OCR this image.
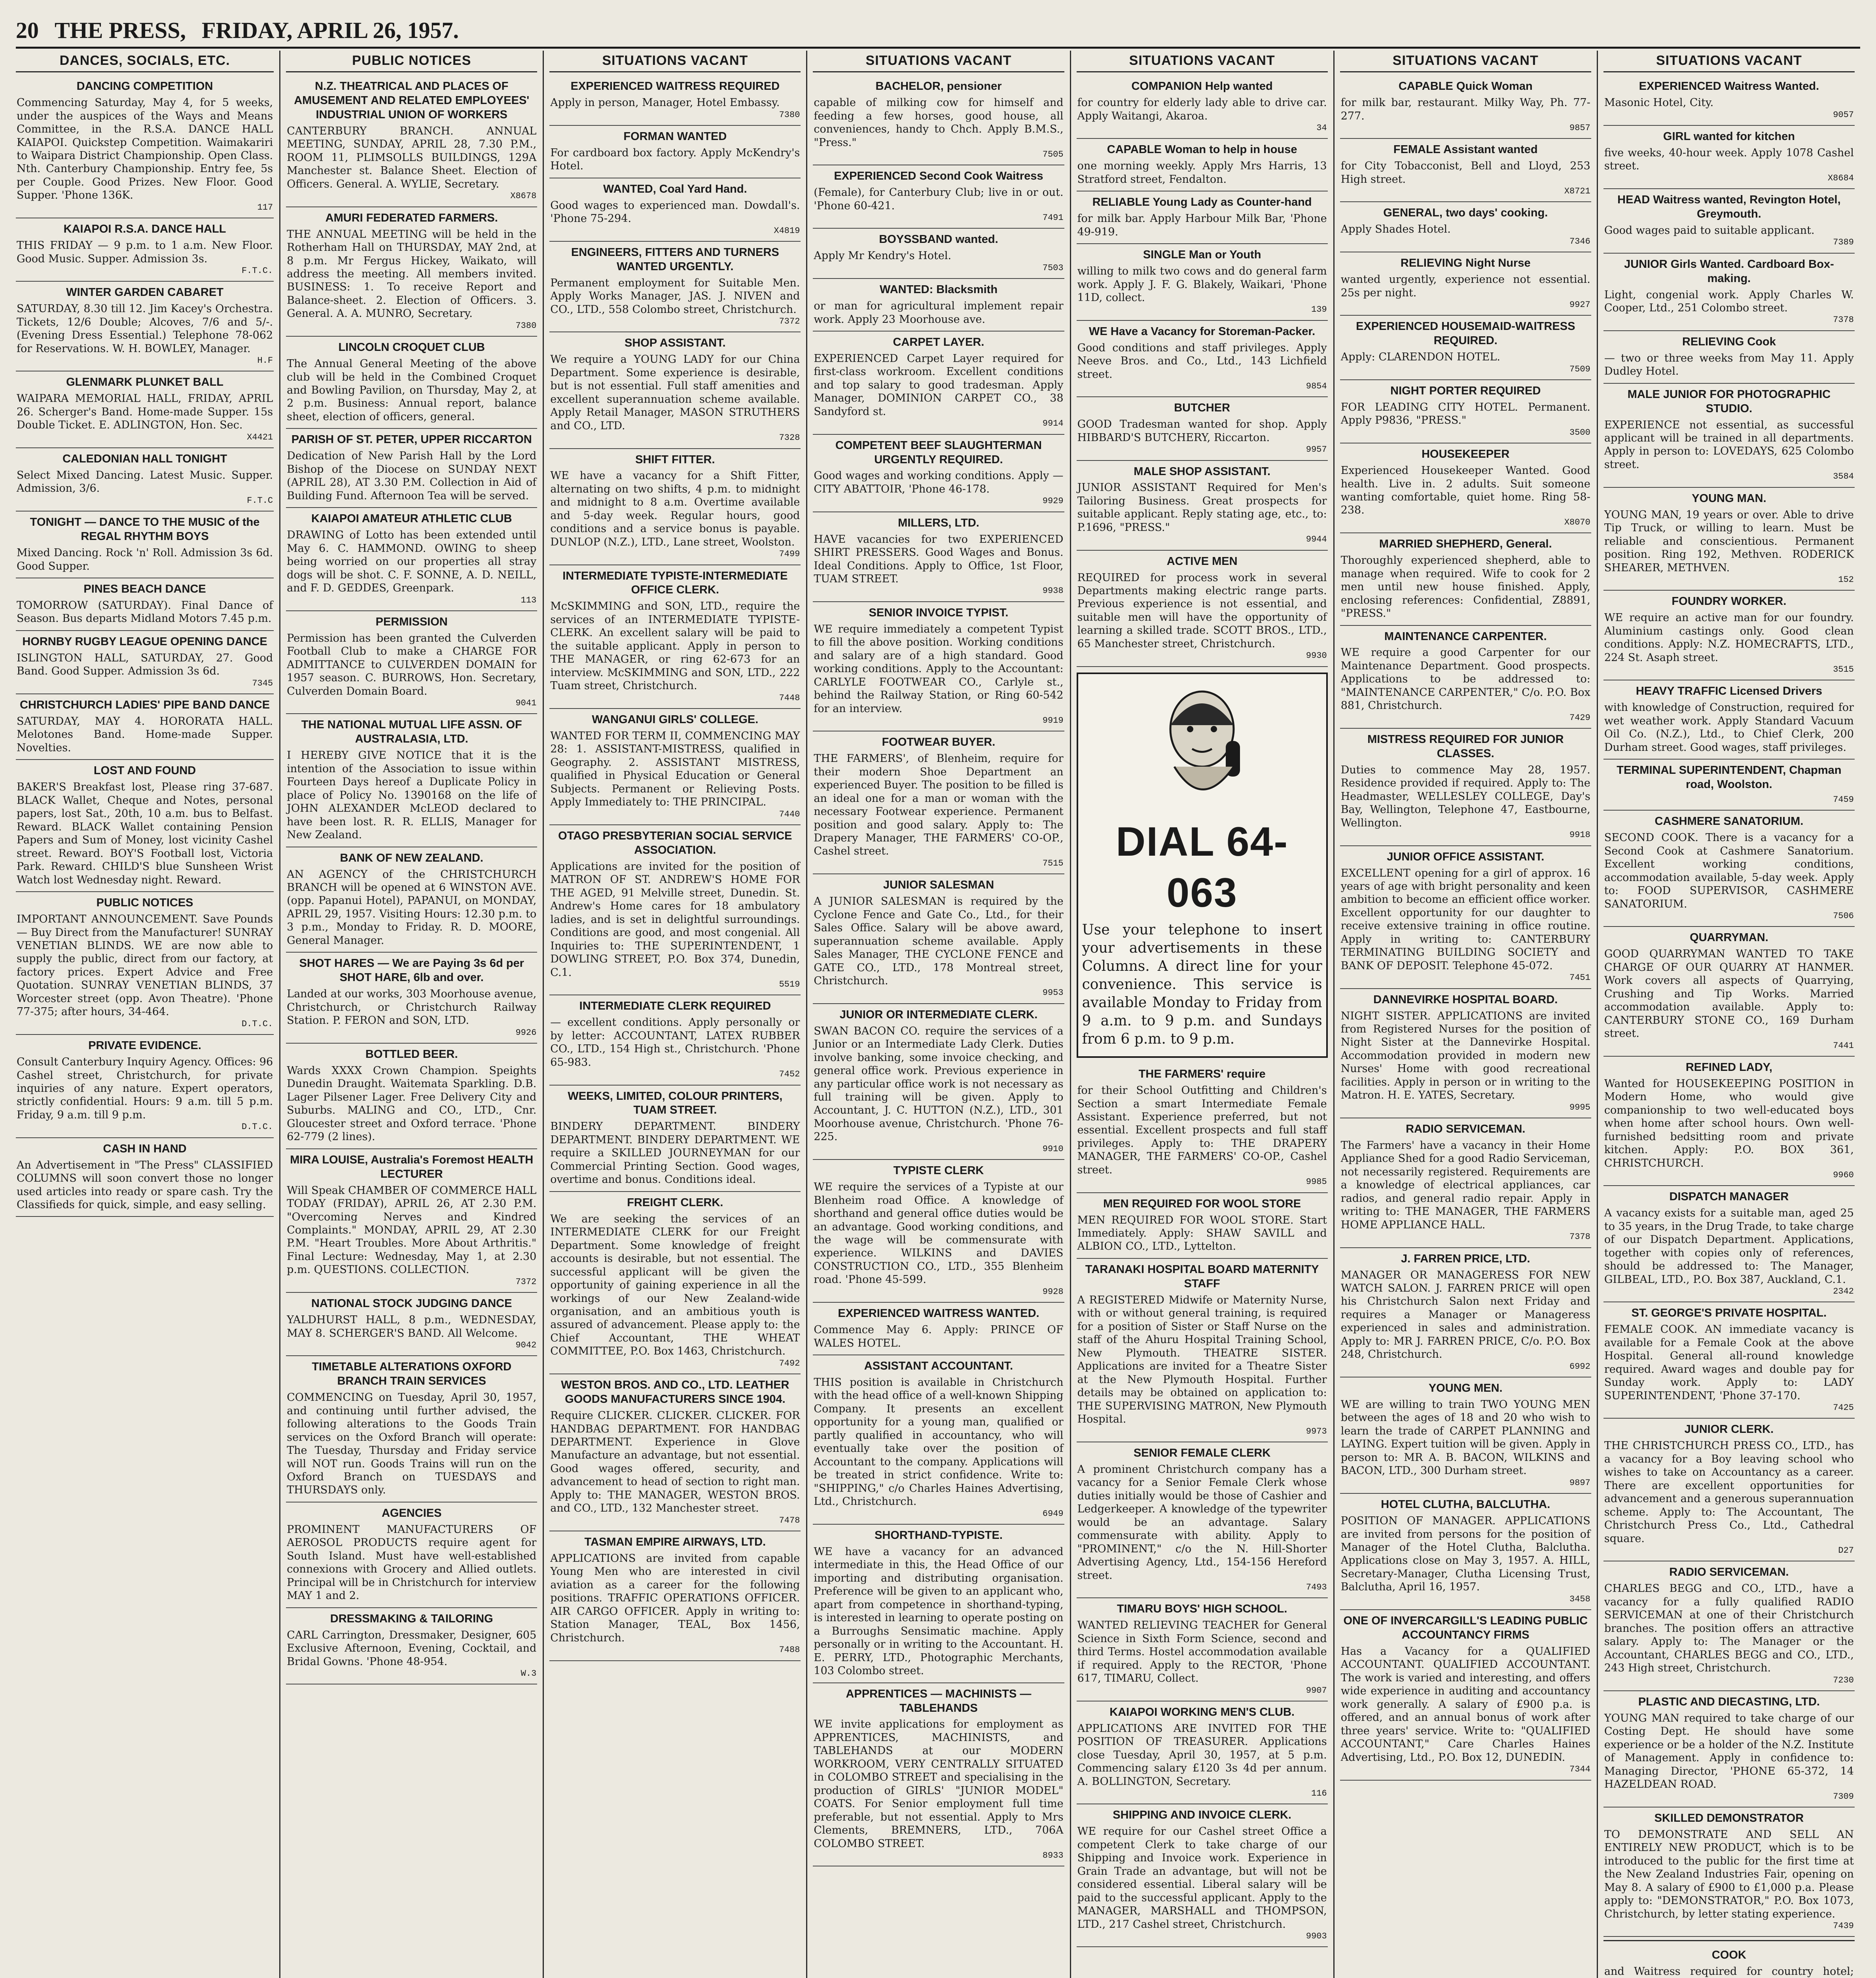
20 THE PRESS, FRIDAY, APRIL 26, 1957.
DANCES, SOCIALS, ETC.
DANCING COMPETITION

Commencing Saturday, May 4, for 5 weeks, under the auspices of the Ways and Means Committee, in the R.S.A. DANCE HALL KAIAPOI. Quickstep Competition. Waimakariri to Waipara District Championship. Open Class. Nth. Canterbury Championship. Entry fee, 5s per Couple. Good Prizes. New Floor. Good Supper. 'Phone 136K.

117
KAIAPOI R.S.A. DANCE HALL

THIS FRIDAY — 9 p.m. to 1 a.m. New Floor. Good Music. Supper. Admission 3s.

F.T.C.
WINTER GARDEN CABARET

SATURDAY, 8.30 till 12. Jim Kacey's Orchestra. Tickets, 12/6 Double; Alcoves, 7/6 and 5/-. (Evening Dress Essential.) Telephone 78-062 for Reservations. W. H. BOWLEY, Manager.

H.F
GLENMARK PLUNKET BALL

WAIPARA MEMORIAL HALL, FRIDAY, APRIL 26. Scherger's Band. Home-made Supper. 15s Double Ticket. E. ADLINGTON, Hon. Sec.

X4421
CALEDONIAN HALL TONIGHT

Select Mixed Dancing. Latest Music. Supper. Admission, 3/6.

F.T.C
TONIGHT — DANCE TO THE MUSIC of the REGAL RHYTHM BOYS

Mixed Dancing. Rock 'n' Roll. Admission 3s 6d. Good Supper.

PINES BEACH DANCE

TOMORROW (SATURDAY). Final Dance of Season. Bus departs Midland Motors 7.45 p.m.

HORNBY RUGBY LEAGUE OPENING DANCE

ISLINGTON HALL, SATURDAY, 27. Good Band. Good Supper. Admission 3s 6d.

7345
CHRISTCHURCH LADIES' PIPE BAND DANCE

SATURDAY, MAY 4. HORORATA HALL. Melotones Band. Home-made Supper. Novelties.

LOST AND FOUND

BAKER'S Breakfast lost, Please ring 37-687. BLACK Wallet, Cheque and Notes, personal papers, lost Sat., 20th, 10 a.m. bus to Belfast. Reward. BLACK Wallet containing Pension Papers and Sum of Money, lost vicinity Cashel street. Reward. BOY'S Football lost, Victoria Park. Reward. CHILD'S blue Sunsheen Wrist Watch lost Wednesday night. Reward.

PUBLIC NOTICES

IMPORTANT ANNOUNCEMENT. Save Pounds — Buy Direct from the Manufacturer! SUNRAY VENETIAN BLINDS. WE are now able to supply the public, direct from our factory, at factory prices. Expert Advice and Free Quotation. SUNRAY VENETIAN BLINDS, 37 Worcester street (opp. Avon Theatre). 'Phone 77-375; after hours, 34-464.

D.T.C.
PRIVATE EVIDENCE.

Consult Canterbury Inquiry Agency. Offices: 96 Cashel street, Christchurch, for private inquiries of any nature. Expert operators, strictly confidential. Hours: 9 a.m. till 5 p.m. Friday, 9 a.m. till 9 p.m.

D.T.C.
CASH IN HAND

An Advertisement in "The Press" CLASSIFIED COLUMNS will soon convert those no longer used articles into ready or spare cash. Try the Classifieds for quick, simple, and easy selling.

PUBLIC NOTICES
N.Z. THEATRICAL AND PLACES OF AMUSEMENT AND RELATED EMPLOYEES' INDUSTRIAL UNION OF WORKERS

CANTERBURY BRANCH. ANNUAL MEETING, SUNDAY, APRIL 28, 7.30 P.M., ROOM 11, PLIMSOLLS BUILDINGS, 129A Manchester st. Balance Sheet. Election of Officers. General. A. WYLIE, Secretary.

X8678
AMURI FEDERATED FARMERS.

THE ANNUAL MEETING will be held in the Rotherham Hall on THURSDAY, MAY 2nd, at 8 p.m. Mr Fergus Hickey, Waikato, will address the meeting. All members invited. BUSINESS: 1. To receive Report and Balance-sheet. 2. Election of Officers. 3. General. A. A. MUNRO, Secretary.

7380
LINCOLN CROQUET CLUB

The Annual General Meeting of the above club will be held in the Combined Croquet and Bowling Pavilion, on Thursday, May 2, at 2 p.m. Business: Annual report, balance sheet, election of officers, general.

PARISH OF ST. PETER, UPPER RICCARTON

Dedication of New Parish Hall by the Lord Bishop of the Diocese on SUNDAY NEXT (APRIL 28), AT 3.30 P.M. Collection in Aid of Building Fund. Afternoon Tea will be served.

KAIAPOI AMATEUR ATHLETIC CLUB

DRAWING of Lotto has been extended until May 6. C. HAMMOND. OWING to sheep being worried on our properties all stray dogs will be shot. C. F. SONNE, A. D. NEILL, and F. D. GEDDES, Greenpark.

113
PERMISSION

Permission has been granted the Culverden Football Club to make a CHARGE FOR ADMITTANCE to CULVERDEN DOMAIN for 1957 season. C. BURROWS, Hon. Secretary, Culverden Domain Board.

9041
THE NATIONAL MUTUAL LIFE ASSN. OF AUSTRALASIA, LTD.

I HEREBY GIVE NOTICE that it is the intention of the Association to issue within Fourteen Days hereof a Duplicate Policy in place of Policy No. 1390168 on the life of JOHN ALEXANDER McLEOD declared to have been lost. R. R. ELLIS, Manager for New Zealand.

BANK OF NEW ZEALAND.

AN AGENCY of the CHRISTCHURCH BRANCH will be opened at 6 WINSTON AVE. (opp. Papanui Hotel), PAPANUI, on MONDAY, APRIL 29, 1957. Visiting Hours: 12.30 p.m. to 3 p.m., Monday to Friday. R. D. MOORE, General Manager.

SHOT HARES — We are Paying 3s 6d per SHOT HARE, 6lb and over.

Landed at our works, 303 Moorhouse avenue, Christchurch, or Christchurch Railway Station. P. FERON and SON, LTD.

9926
BOTTLED BEER.

Wards XXXX Crown Champion. Speights Dunedin Draught. Waitemata Sparkling. D.B. Lager Pilsener Lager. Free Delivery City and Suburbs. MALING and CO., LTD., Cnr. Gloucester street and Oxford terrace. 'Phone 62-779 (2 lines).

MIRA LOUISE, Australia's Foremost HEALTH LECTURER

Will Speak CHAMBER OF COMMERCE HALL TODAY (FRIDAY), APRIL 26, AT 2.30 P.M. "Overcoming Nerves and Kindred Complaints." MONDAY, APRIL 29, AT 2.30 P.M. "Heart Troubles. More About Arthritis." Final Lecture: Wednesday, May 1, at 2.30 p.m. QUESTIONS. COLLECTION.

7372
NATIONAL STOCK JUDGING DANCE

YALDHURST HALL, 8 p.m., WEDNESDAY, MAY 8. SCHERGER'S BAND. All Welcome.

9042
TIMETABLE ALTERATIONS OXFORD BRANCH TRAIN SERVICES

COMMENCING on Tuesday, April 30, 1957, and continuing until further advised, the following alterations to the Goods Train services on the Oxford Branch will operate: The Tuesday, Thursday and Friday service will NOT run. Goods Trains will run on the Oxford Branch on TUESDAYS and THURSDAYS only.

AGENCIES

PROMINENT MANUFACTURERS OF AEROSOL PRODUCTS require agent for South Island. Must have well-established connexions with Grocery and Allied outlets. Principal will be in Christchurch for interview MAY 1 and 2.

DRESSMAKING & TAILORING

CARL Carrington, Dressmaker, Designer, 605 Exclusive Afternoon, Evening, Cocktail, and Bridal Gowns. 'Phone 48-954.

W.3
SITUATIONS VACANT
EXPERIENCED WAITRESS REQUIRED

Apply in person, Manager, Hotel Embassy.

7380
FORMAN WANTED

For cardboard box factory. Apply McKendry's Hotel.

WANTED, Coal Yard Hand.

Good wages to experienced man. Dowdall's. 'Phone 75-294.

X4819
ENGINEERS, FITTERS AND TURNERS WANTED URGENTLY.

Permanent employment for Suitable Men. Apply Works Manager, JAS. J. NIVEN and CO., LTD., 558 Colombo street, Christchurch.

7372
SHOP ASSISTANT.

We require a YOUNG LADY for our China Department. Some experience is desirable, but is not essential. Full staff amenities and excellent superannuation scheme available. Apply Retail Manager, MASON STRUTHERS and CO., LTD.

7328
SHIFT FITTER.

WE have a vacancy for a Shift Fitter, alternating on two shifts, 4 p.m. to midnight and midnight to 8 a.m. Overtime available and 5-day week. Regular hours, good conditions and a service bonus is payable. DUNLOP (N.Z.), LTD., Lane street, Woolston.

7499
INTERMEDIATE TYPISTE-INTERMEDIATE OFFICE CLERK.

McSKIMMING and SON, LTD., require the services of an INTERMEDIATE TYPISTE-CLERK. An excellent salary will be paid to the suitable applicant. Apply in person to THE MANAGER, or ring 62-673 for an interview. McSKIMMING and SON, LTD., 222 Tuam street, Christchurch.

7448
WANGANUI GIRLS' COLLEGE.

WANTED FOR TERM II, COMMENCING MAY 28: 1. ASSISTANT-MISTRESS, qualified in Geography. 2. ASSISTANT MISTRESS, qualified in Physical Education or General Subjects. Permanent or Relieving Posts. Apply Immediately to: THE PRINCIPAL.

7440
OTAGO PRESBYTERIAN SOCIAL SERVICE ASSOCIATION.

Applications are invited for the position of MATRON OF ST. ANDREW'S HOME FOR THE AGED, 91 Melville street, Dunedin. St. Andrew's Home cares for 18 ambulatory ladies, and is set in delightful surroundings. Conditions are good, and most congenial. All Inquiries to: THE SUPERINTENDENT, 1 DOWLING STREET, P.O. Box 374, Dunedin, C.1.

5519
INTERMEDIATE CLERK REQUIRED

— excellent conditions. Apply personally or by letter: ACCOUNTANT, LATEX RUBBER CO., LTD., 154 High st., Christchurch. 'Phone 65-983.

7452
WEEKS, LIMITED, COLOUR PRINTERS, TUAM STREET.

BINDERY DEPARTMENT. BINDERY DEPARTMENT. BINDERY DEPARTMENT. WE require a SKILLED JOURNEYMAN for our Commercial Printing Section. Good wages, overtime and bonus. Conditions ideal.

FREIGHT CLERK.

We are seeking the services of an INTERMEDIATE CLERK for our Freight Department. Some knowledge of freight accounts is desirable, but not essential. The successful applicant will be given the opportunity of gaining experience in all the workings of our New Zealand-wide organisation, and an ambitious youth is assured of advancement. Please apply to: the Chief Accountant, THE WHEAT COMMITTEE, P.O. Box 1463, Christchurch.

7492
WESTON BROS. AND CO., LTD. LEATHER GOODS MANUFACTURERS SINCE 1904.

Require CLICKER. CLICKER. CLICKER. FOR HANDBAG DEPARTMENT. FOR HANDBAG DEPARTMENT. Experience in Glove Manufacture an advantage, but not essential. Good wages offered, security, and advancement to head of section to right man. Apply to: THE MANAGER, WESTON BROS. and CO., LTD., 132 Manchester street.

7478
TASMAN EMPIRE AIRWAYS, LTD.

APPLICATIONS are invited from capable Young Men who are interested in civil aviation as a career for the following positions. TRAFFIC OPERATIONS OFFICER. AIR CARGO OFFICER. Apply in writing to: Station Manager, TEAL, Box 1456, Christchurch.

7488
SITUATIONS VACANT
BACHELOR, pensioner

capable of milking cow for himself and feeding a few horses, good house, all conveniences, handy to Chch. Apply B.M.S., "Press."

7505
EXPERIENCED Second Cook Waitress

(Female), for Canterbury Club; live in or out. 'Phone 60-421.

7491
BOYSSBAND wanted.

Apply Mr Kendry's Hotel.

7503
WANTED: Blacksmith

or man for agricultural implement repair work. Apply 23 Moorhouse ave.

CARPET LAYER.

EXPERIENCED Carpet Layer required for first-class workroom. Excellent conditions and top salary to good tradesman. Apply Manager, DOMINION CARPET CO., 38 Sandyford st.

9914
COMPETENT BEEF SLAUGHTERMAN URGENTLY REQUIRED.

Good wages and working conditions. Apply — CITY ABATTOIR, 'Phone 46-178.

9929
MILLERS, LTD.

HAVE vacancies for two EXPERIENCED SHIRT PRESSERS. Good Wages and Bonus. Ideal Conditions. Apply to Office, 1st Floor, TUAM STREET.

9938
SENIOR INVOICE TYPIST.

WE require immediately a competent Typist to fill the above position. Working conditions and salary are of a high standard. Good working conditions. Apply to the Accountant: CARLYLE FOOTWEAR CO., Carlyle st., behind the Railway Station, or Ring 60-542 for an interview.

9919
FOOTWEAR BUYER.

THE FARMERS', of Blenheim, require for their modern Shoe Department an experienced Buyer. The position to be filled is an ideal one for a man or woman with the necessary Footwear experience. Permanent position and good salary. Apply to: The Drapery Manager, THE FARMERS' CO-OP., Cashel street.

7515
JUNIOR SALESMAN

A JUNIOR SALESMAN is required by the Cyclone Fence and Gate Co., Ltd., for their Sales Office. Salary will be above award, superannuation scheme available. Apply Sales Manager, THE CYCLONE FENCE and GATE CO., LTD., 178 Montreal street, Christchurch.

9953
JUNIOR OR INTERMEDIATE CLERK.

SWAN BACON CO. require the services of a Junior or an Intermediate Lady Clerk. Duties involve banking, some invoice checking, and general office work. Previous experience in any particular office work is not necessary as full training will be given. Apply to Accountant, J. C. HUTTON (N.Z.), LTD., 301 Moorhouse avenue, Christchurch. 'Phone 76-225.

9910
TYPISTE CLERK

WE require the services of a Typiste at our Blenheim road Office. A knowledge of shorthand and general office duties would be an advantage. Good working conditions, and the wage will be commensurate with experience. WILKINS and DAVIES CONSTRUCTION CO., LTD., 355 Blenheim road. 'Phone 45-599.

9928
EXPERIENCED WAITRESS WANTED.

Commence May 6. Apply: PRINCE OF WALES HOTEL.

ASSISTANT ACCOUNTANT.

THIS position is available in Christchurch with the head office of a well-known Shipping Company. It presents an excellent opportunity for a young man, qualified or partly qualified in accountancy, who will eventually take over the position of Accountant to the company. Applications will be treated in strict confidence. Write to: "SHIPPING," c/o Charles Haines Advertising, Ltd., Christchurch.

6949
SHORTHAND-TYPISTE.

WE have a vacancy for an advanced intermediate in this, the Head Office of our importing and distributing organisation. Preference will be given to an applicant who, apart from competence in shorthand-typing, is interested in learning to operate posting on a Burroughs Sensimatic machine. Apply personally or in writing to the Accountant. H. E. PERRY, LTD., Photographic Merchants, 103 Colombo street.

APPRENTICES — MACHINISTS — TABLEHANDS

WE invite applications for employment as APPRENTICES, MACHINISTS, and TABLEHANDS at our MODERN WORKROOM, VERY CENTRALLY SITUATED in COLOMBO STREET and specialising in the production of GIRLS' "JUNIOR MODEL" COATS. For Senior employment full time preferable, but not essential. Apply to Mrs Clements, BREMNERS, LTD., 706A COLOMBO STREET.

8933
SITUATIONS VACANT
COMPANION Help wanted

for country for elderly lady able to drive car. Apply Waitangi, Akaroa.

34
CAPABLE Woman to help in house

one morning weekly. Apply Mrs Harris, 13 Stratford street, Fendalton.

RELIABLE Young Lady as Counter-hand

for milk bar. Apply Harbour Milk Bar, 'Phone 49-919.

SINGLE Man or Youth

willing to milk two cows and do general farm work. Apply J. F. G. Blakely, Waikari, 'Phone 11D, collect.

139
WE Have a Vacancy for Storeman-Packer.

Good conditions and staff privileges. Apply Neeve Bros. and Co., Ltd., 143 Lichfield street.

9854
BUTCHER

GOOD Tradesman wanted for shop. Apply HIBBARD'S BUTCHERY, Riccarton.

9957
MALE SHOP ASSISTANT.

JUNIOR ASSISTANT Required for Men's Tailoring Business. Great prospects for suitable applicant. Reply stating age, etc., to: P.1696, "PRESS."

9944
ACTIVE MEN

REQUIRED for process work in several Departments making electric range parts. Previous experience is not essential, and suitable men will have the opportunity of learning a skilled trade. SCOTT BROS., LTD., 65 Manchester street, Christchurch.

9930
DIAL 64-063
Use your telephone to insert your advertisements in these Columns. A direct line for your convenience. This service is available Monday to Friday from 9 a.m. to 9 p.m. and Sundays from 6 p.m. to 9 p.m.
THE FARMERS' require

for their School Outfitting and Children's Section a smart Intermediate Female Assistant. Experience preferred, but not essential. Excellent prospects and full staff privileges. Apply to: THE DRAPERY MANAGER, THE FARMERS' CO-OP., Cashel street.

9985
MEN REQUIRED FOR WOOL STORE

MEN REQUIRED FOR WOOL STORE. Start Immediately. Apply: SHAW SAVILL and ALBION CO., LTD., Lyttelton.

TARANAKI HOSPITAL BOARD MATERNITY STAFF

A REGISTERED Midwife or Maternity Nurse, with or without general training, is required for a position of Sister or Staff Nurse on the staff of the Ahuru Hospital Training School, New Plymouth. THEATRE SISTER. Applications are invited for a Theatre Sister at the New Plymouth Hospital. Further details may be obtained on application to: THE SUPERVISING MATRON, New Plymouth Hospital.

9973
SENIOR FEMALE CLERK

A prominent Christchurch company has a vacancy for a Senior Female Clerk whose duties initially would be those of Cashier and Ledgerkeeper. A knowledge of the typewriter would be an advantage. Salary commensurate with ability. Apply to "PROMINENT," c/o the N. Hill-Shorter Advertising Agency, Ltd., 154-156 Hereford street.

7493
TIMARU BOYS' HIGH SCHOOL.

WANTED RELIEVING TEACHER for General Science in Sixth Form Science, second and third Terms. Hostel accommodation available if required. Apply to the RECTOR, 'Phone 617, TIMARU, Collect.

9907
KAIAPOI WORKING MEN'S CLUB.

APPLICATIONS ARE INVITED FOR THE POSITION OF TREASURER. Applications close Tuesday, April 30, 1957, at 5 p.m. Commencing salary £120 3s 4d per annum. A. BOLLINGTON, Secretary.

116
SHIPPING AND INVOICE CLERK.

WE require for our Cashel street Office a competent Clerk to take charge of our Shipping and Invoice work. Experience in Grain Trade an advantage, but will not be considered essential. Liberal salary will be paid to the successful applicant. Apply to the MANAGER, MARSHALL and THOMPSON, LTD., 217 Cashel street, Christchurch.

9903
SITUATIONS VACANT
CAPABLE Quick Woman

for milk bar, restaurant. Milky Way, Ph. 77-277.

9857
FEMALE Assistant wanted

for City Tobacconist, Bell and Lloyd, 253 High street.

X8721
GENERAL, two days' cooking.

Apply Shades Hotel.

7346
RELIEVING Night Nurse

wanted urgently, experience not essential. 25s per night.

9927
EXPERIENCED HOUSEMAID-WAITRESS REQUIRED.

Apply: CLARENDON HOTEL.

7509
NIGHT PORTER REQUIRED

FOR LEADING CITY HOTEL. Permanent. Apply P9836, "PRESS."

3500
HOUSEKEEPER

Experienced Housekeeper Wanted. Good health. Live in. 2 adults. Suit someone wanting comfortable, quiet home. Ring 58-238.

X8070
MARRIED SHEPHERD, General.

Thoroughly experienced shepherd, able to manage when required. Wife to cook for 2 men until new house finished. Apply, enclosing references: Confidential, Z8891, "PRESS."

MAINTENANCE CARPENTER.

WE require a good Carpenter for our Maintenance Department. Good prospects. Applications to be addressed to: "MAINTENANCE CARPENTER," C/o. P.O. Box 881, Christchurch.

7429
MISTRESS REQUIRED FOR JUNIOR CLASSES.

Duties to commence May 28, 1957. Residence provided if required. Apply to: The Headmaster, WELLESLEY COLLEGE, Day's Bay, Wellington, Telephone 47, Eastbourne, Wellington.

9918
JUNIOR OFFICE ASSISTANT.

EXCELLENT opening for a girl of approx. 16 years of age with bright personality and keen ambition to become an efficient office worker. Excellent opportunity for our daughter to receive extensive training in office routine. Apply in writing to: CANTERBURY TERMINATING BUILDING SOCIETY and BANK OF DEPOSIT. Telephone 45-072.

7451
DANNEVIRKE HOSPITAL BOARD.

NIGHT SISTER. APPLICATIONS are invited from Registered Nurses for the position of Night Sister at the Dannevirke Hospital. Accommodation provided in modern new Nurses' Home with good recreational facilities. Apply in person or in writing to the Matron. H. E. YATES, Secretary.

9995
RADIO SERVICEMAN.

The Farmers' have a vacancy in their Home Appliance Shed for a good Radio Serviceman, not necessarily registered. Requirements are a knowledge of electrical appliances, car radios, and general radio repair. Apply in writing to: THE MANAGER, THE FARMERS HOME APPLIANCE HALL.

7378
J. FARREN PRICE, LTD.

MANAGER OR MANAGERESS FOR NEW WATCH SALON. J. FARREN PRICE will open his Christchurch Salon next Friday and requires a Manager or Manageress experienced in sales and administration. Apply to: MR J. FARREN PRICE, C/o. P.O. Box 248, Christchurch.

6992
YOUNG MEN.

WE are willing to train TWO YOUNG MEN between the ages of 18 and 20 who wish to learn the trade of CARPET PLANNING and LAYING. Expert tuition will be given. Apply in person to: MR A. B. BACON, WILKINS and BACON, LTD., 300 Durham street.

9897
HOTEL CLUTHA, BALCLUTHA.

POSITION OF MANAGER. APPLICATIONS are invited from persons for the position of Manager of the Hotel Clutha, Balclutha. Applications close on May 3, 1957. A. HILL, Secretary-Manager, Clutha Licensing Trust, Balclutha, April 16, 1957.

3458
ONE OF INVERCARGILL'S LEADING PUBLIC ACCOUNTANCY FIRMS

Has a Vacancy for a QUALIFIED ACCOUNTANT. QUALIFIED ACCOUNTANT. The work is varied and interesting, and offers wide experience in auditing and accountancy work generally. A salary of £900 p.a. is offered, and an annual bonus of work after three years' service. Write to: "QUALIFIED ACCOUNTANT," Care Charles Haines Advertising, Ltd., P.O. Box 12, DUNEDIN.

7344
SITUATIONS VACANT
EXPERIENCED Waitress Wanted.

Masonic Hotel, City.

9057
GIRL wanted for kitchen

five weeks, 40-hour week. Apply 1078 Cashel street.

X8684
HEAD Waitress wanted, Revington Hotel, Greymouth.

Good wages paid to suitable applicant.

7389
JUNIOR Girls Wanted. Cardboard Box-making.

Light, congenial work. Apply Charles W. Cooper, Ltd., 251 Colombo street.

7378
RELIEVING Cook

— two or three weeks from May 11. Apply Dudley Hotel.

MALE JUNIOR FOR PHOTOGRAPHIC STUDIO.

EXPERIENCE not essential, as successful applicant will be trained in all departments. Apply in person to: LOVEDAYS, 625 Colombo street.

3584
YOUNG MAN.

YOUNG MAN, 19 years or over. Able to drive Tip Truck, or willing to learn. Must be reliable and conscientious. Permanent position. Ring 192, Methven. RODERICK SHEARER, METHVEN.

152
FOUNDRY WORKER.

WE require an active man for our foundry. Aluminium castings only. Good clean conditions. Apply: N.Z. HOMECRAFTS, LTD., 224 St. Asaph street.

3515
HEAVY TRAFFIC Licensed Drivers

with knowledge of Construction, required for wet weather work. Apply Standard Vacuum Oil Co. (N.Z.), Ltd., to Chief Clerk, 200 Durham street. Good wages, staff privileges.

TERMINAL SUPERINTENDENT, Chapman road, Woolston.

7459
CASHMERE SANATORIUM.

SECOND COOK. There is a vacancy for a Second Cook at Cashmere Sanatorium. Excellent working conditions, accommodation available, 5-day week. Apply to: FOOD SUPERVISOR, CASHMERE SANATORIUM.

7506
QUARRYMAN.

GOOD QUARRYMAN WANTED TO TAKE CHARGE OF OUR QUARRY AT HANMER. Work covers all aspects of Quarrying, Crushing and Tip Works. Married accommodation available. Apply to: CANTERBURY STONE CO., 169 Durham street.

7441
REFINED LADY,

Wanted for HOUSEKEEPING POSITION in Modern Home, who would give companionship to two well-educated boys when home after school hours. Own well-furnished bedsitting room and private kitchen. Apply: P.O. BOX 361, CHRISTCHURCH.

9960
DISPATCH MANAGER

A vacancy exists for a suitable man, aged 25 to 35 years, in the Drug Trade, to take charge of our Dispatch Department. Applications, together with copies only of references, should be addressed to: The Manager, GILBEAL, LTD., P.O. Box 387, Auckland, C.1.

2342
ST. GEORGE'S PRIVATE HOSPITAL.

FEMALE COOK. AN immediate vacancy is available for a Female Cook at the above Hospital. General all-round knowledge required. Award wages and double pay for Sunday work. Apply to: LADY SUPERINTENDENT, 'Phone 37-170.

7425
JUNIOR CLERK.

THE CHRISTCHURCH PRESS CO., LTD., has a vacancy for a Boy leaving school who wishes to take on Accountancy as a career. There are excellent opportunities for advancement and a generous superannuation scheme. Apply to: The Accountant, The Christchurch Press Co., Ltd., Cathedral square.

D27
RADIO SERVICEMAN.

CHARLES BEGG and CO., LTD., have a vacancy for a fully qualified RADIO SERVICEMAN at one of their Christchurch branches. The position offers an attractive salary. Apply to: The Manager or the Accountant, CHARLES BEGG and CO., LTD., 243 High street, Christchurch.

7230
PLASTIC AND DIECASTING, LTD.

YOUNG MAN required to take charge of our Costing Dept. He should have some experience or be a holder of the N.Z. Institute of Management. Apply in confidence to: Managing Director, 'PHONE 65-372, 14 HAZELDEAN ROAD.

7309
SKILLED DEMONSTRATOR

TO DEMONSTRATE AND SELL AN ENTIRELY NEW PRODUCT, which is to be introduced to the public for the first time at the New Zealand Industries Fair, opening on May 8. A salary of £900 to £1,000 p.a. Please apply to: "DEMONSTRATOR," P.O. Box 1073, Christchurch, by letter stating experience.

7439
COOK

and Waitress required for country hotel;
